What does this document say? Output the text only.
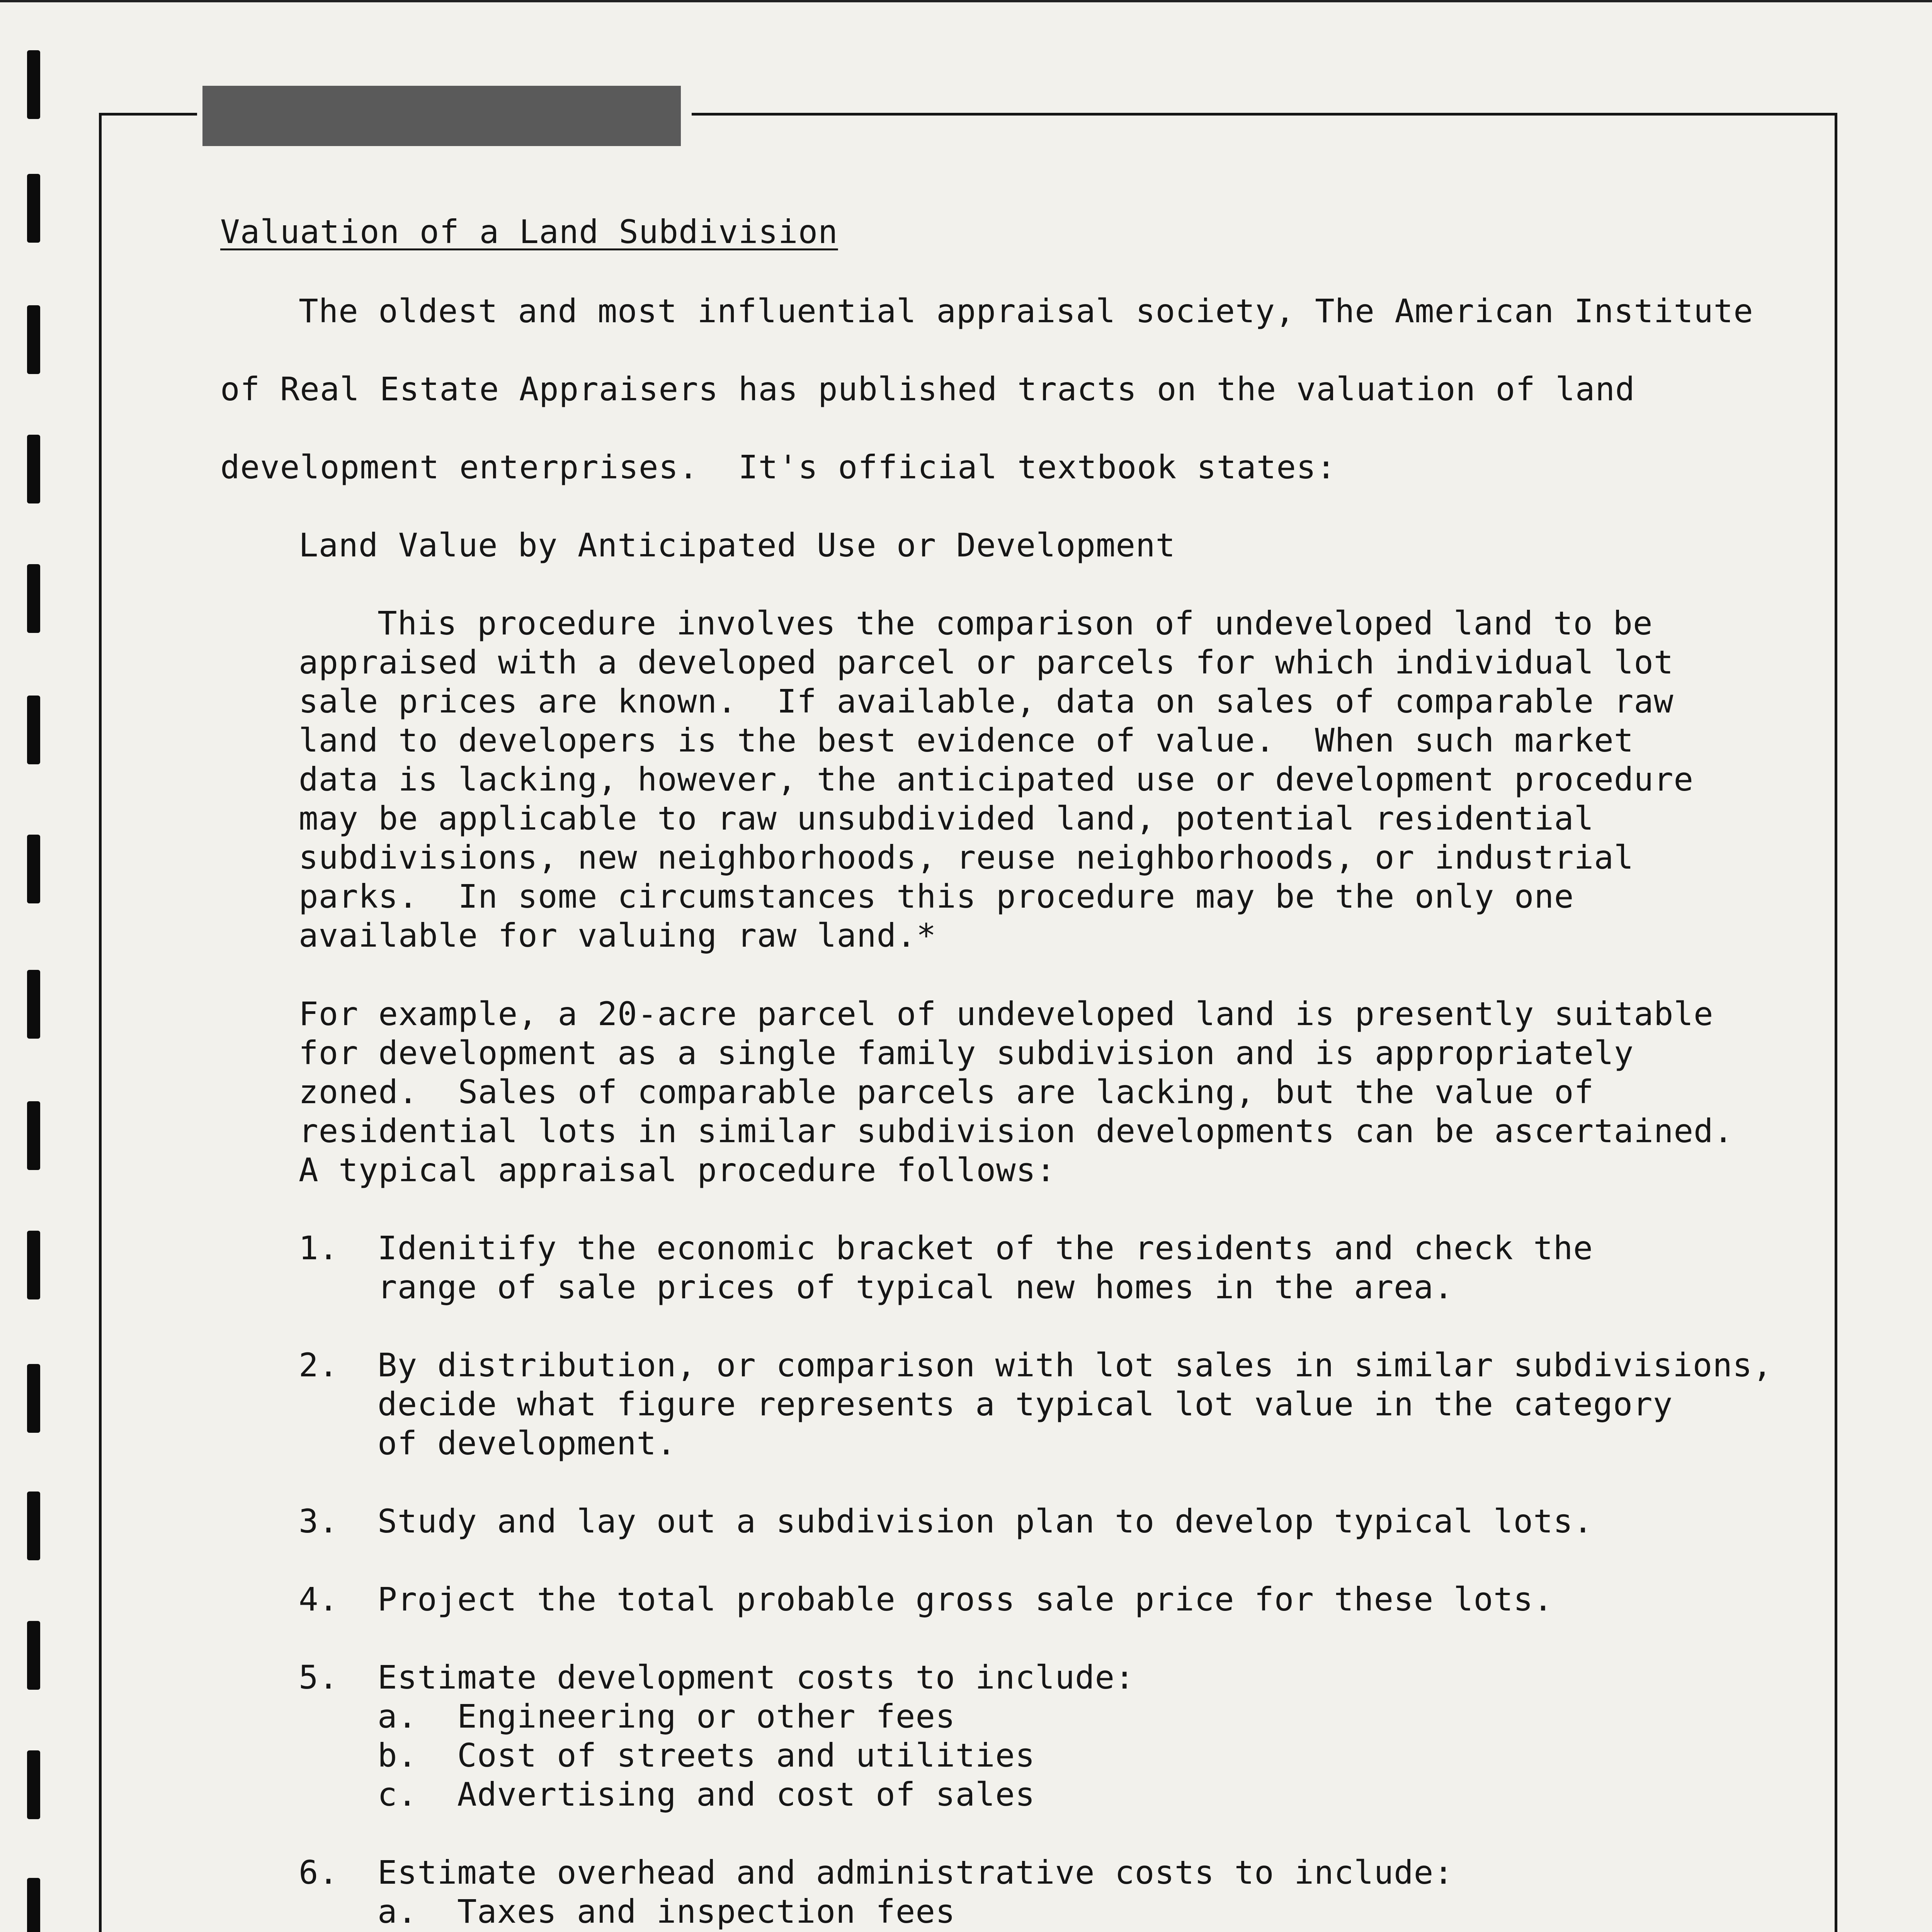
Valuation of a Land Subdivision
The oldest and most influential appraisal society, The American Institute
of Real Estate Appraisers has published tracts on the valuation of land
development enterprises.  It's official textbook states:
Land Value by Anticipated Use or Development
This procedure involves the comparison of undeveloped land to be
appraised with a developed parcel or parcels for which individual lot
sale prices are known.  If available, data on sales of comparable raw
land to developers is the best evidence of value.  When such market
data is lacking, however, the anticipated use or development procedure
may be applicable to raw unsubdivided land, potential residential
subdivisions, new neighborhoods, reuse neighborhoods, or industrial
parks.  In some circumstances this procedure may be the only one
available for valuing raw land.*
For example, a 20-acre parcel of undeveloped land is presently suitable
for development as a single family subdivision and is appropriately
zoned.  Sales of comparable parcels are lacking, but the value of
residential lots in similar subdivision developments can be ascertained.
A typical appraisal procedure follows:
1. Idenitify the economic bracket of the residents and check the
range of sale prices of typical new homes in the area.
2. By distribution, or comparison with lot sales in similar subdivisions,
decide what figure represents a typical lot value in the category
of development.
3. Study and lay out a subdivision plan to develop typical lots.
4. Project the total probable gross sale price for these lots.
5. Estimate development costs to include:
a.  Engineering or other fees
b.  Cost of streets and utilities
c.  Advertising and cost of sales
6. Estimate overhead and administrative costs to include:
a.  Taxes and inspection fees
